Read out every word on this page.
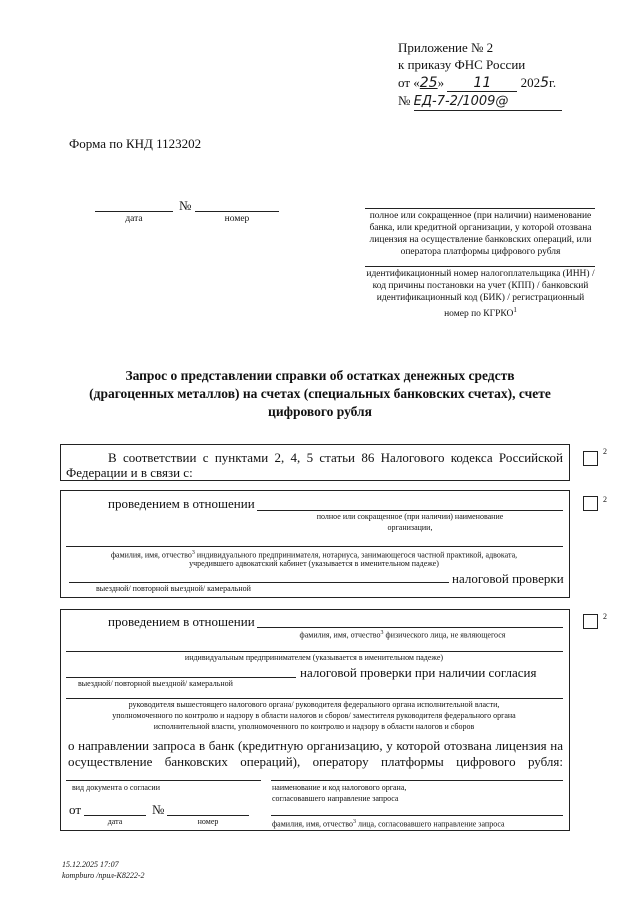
Приложение № 2
к приказу ФНС России
от «25» 11 2025г.
№ ЕД-7-2/1009@
Форма по КНД 1123202
№
дата	номер	полное или сокращенное (при наличии) наименование банка, или кредитной организации, у которой отозвана лицензия на осуществление банковских операций, или оператора платформы цифрового рубля
идентификационный номер налогоплательщика (ИНН) / код причины постановки на учет (КПП) / банковский идентификационный код (БИК) / регистрационный номер по КГРКО$^1$
Запрос о представлении справки об остатках денежных средств
(драгоценных металлов) на счетах (специальных банковских счетах), счете
цифрового рубля
В соответствии с пунктами 2, 4, 5 статьи 86 Налогового кодекса Российской
Федерации и в связи с:
2
проведением в отношении
полное или сокращенное (при наличии) наименование
организации,
фамилия, имя, отчество$^3$ индивидуального предпринимателя, нотариуса, занимающегося частной практикой, адвоката,
учредившего адвокатский кабинет (указывается в именительном падеже)
налоговой проверки
выездной/ повторной выездной/ камеральной
2
проведением в отношении
фамилия, имя, отчество$^3$ физического лица, не являющегося
индивидуальным предпринимателем (указывается в именительном падеже)
налоговой проверки при наличии согласия
выездной/ повторной выездной/ камеральной
руководителя вышестоящего налогового органа/ руководителя федерального органа исполнительной власти,
уполномоченного по контролю и надзору в области налогов и сборов/ заместителя руководителя федерального органа
исполнительной власти, уполномоченного по контролю и надзору в области налогов и сборов
о направлении запроса в банк (кредитную организацию, у которой отозвана лицензия на
осуществление банковских операций), оператору платформы цифрового рубля:
вид документа о согласии	наименование и код налогового органа,
согласовавшего направление запроса
от	№
дата	номер	фамилия, имя, отчество$^3$ лица, согласовавшего направление запроса
2
15.12.2025 17:07
kompburo /прил-К8222-2
